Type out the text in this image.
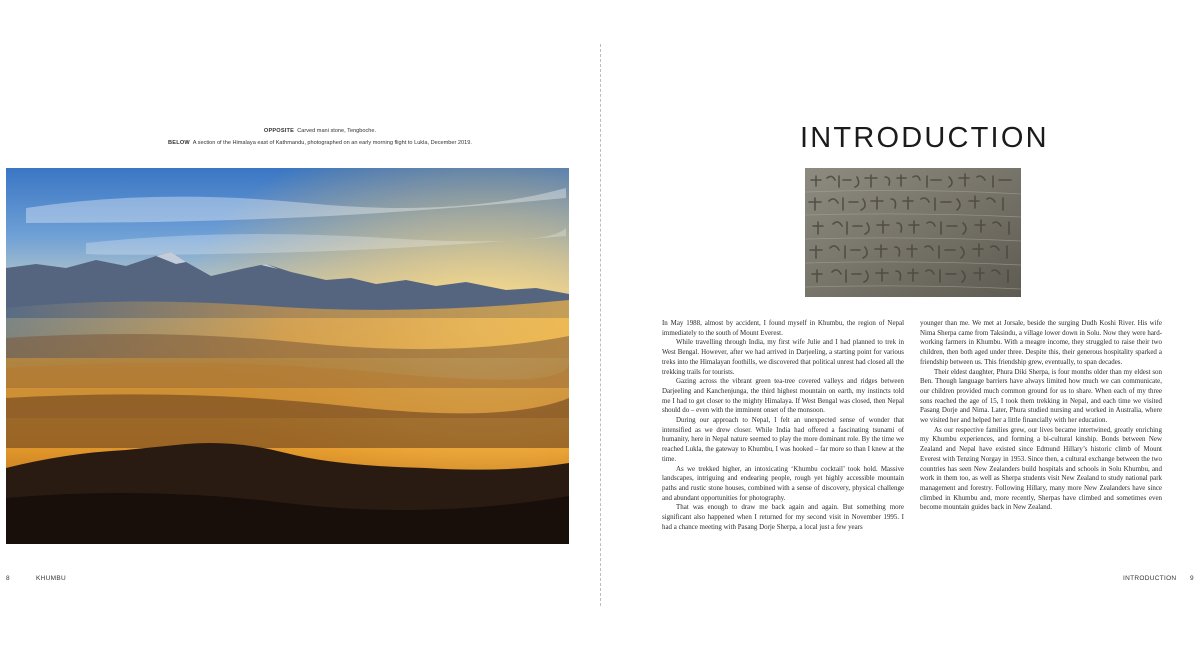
OPPOSITE Carved mani stone, Tengboche.
BELOW A section of the Himalaya east of Kathmandu, photographed on an early morning flight to Lukla, December 2019.
8	KHUMBU
INTRODUCTION

In May 1988, almost by accident, I found myself in Khumbu, the region of Nepal immediately to the south of Mount Everest.

While travelling through India, my first wife Julie and I had planned to trek in West Bengal. However, after we had arrived in Darjeeling, a starting point for various treks into the Himalayan foothills, we discovered that political unrest had closed all the trekking trails for tourists.

Gazing across the vibrant green tea-tree covered valleys and ridges between Darjeeling and Kanchenjunga, the third highest mountain on earth, my instincts told me I had to get closer to the mighty Himalaya. If West Bengal was closed, then Nepal should do – even with the imminent onset of the monsoon.

During our approach to Nepal, I felt an unexpected sense of wonder that intensified as we drew closer. While India had offered a fascinating tsunami of humanity, here in Nepal nature seemed to play the more dominant role. By the time we reached Lukla, the gateway to Khumbu, I was hooked – far more so than I knew at the time.

As we trekked higher, an intoxicating ‘Khumbu cocktail’ took hold. Massive landscapes, intriguing and endearing people, rough yet highly accessible mountain paths and rustic stone houses, combined with a sense of discovery, physical challenge and abundant opportunities for photography.

That was enough to draw me back again and again. But something more significant also happened when I returned for my second visit in November 1995. I had a chance meeting with Pasang Dorje Sherpa, a local just a few years

younger than me. We met at Jorsale, beside the surging Dudh Koshi River. His wife Nima Sherpa came from Taksindu, a village lower down in Solu. Now they were hard-working farmers in Khumbu. With a meagre income, they struggled to raise their two children, then both aged under three. Despite this, their generous hospitality sparked a friendship between us. This friendship grew, eventually, to span decades.

Their eldest daughter, Phura Diki Sherpa, is four months older than my eldest son Ben. Though language barriers have always limited how much we can communicate, our children provided much common ground for us to share. When each of my three sons reached the age of 15, I took them trekking in Nepal, and each time we visited Pasang Dorje and Nima. Later, Phura studied nursing and worked in Australia, where we visited her and helped her a little financially with her education.

As our respective families grew, our lives became intertwined, greatly enriching my Khumbu experiences, and forming a bi-cultural kinship. Bonds between New Zealand and Nepal have existed since Edmund Hillary’s historic climb of Mount Everest with Tenzing Norgay in 1953. Since then, a cultural exchange between the two countries has seen New Zealanders build hospitals and schools in Solu Khumbu, and work in them too, as well as Sherpa students visit New Zealand to study national park management and forestry. Following Hillary, many more New Zealanders have since climbed in Khumbu and, more recently, Sherpas have climbed and sometimes even become mountain guides back in New Zealand.

INTRODUCTION 9
